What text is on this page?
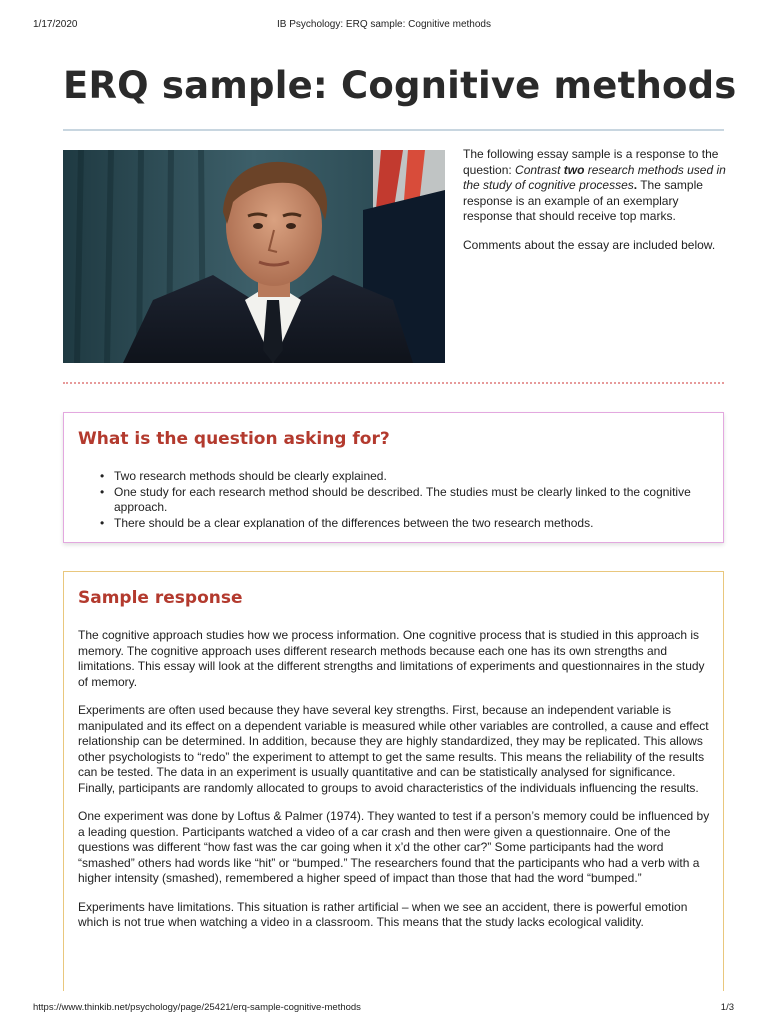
1/17/2020	IB Psychology: ERQ sample: Cognitive methods
ERQ sample: Cognitive methods

The following essay sample is a response to the question: Contrast two research methods used in the study of cognitive processes. The sample response is an example of an exemplary response that should receive top marks.

Comments about the essay are included below.

What is the question asking for?
• Two research methods should be clearly explained.
• One study for each research method should be described. The studies must be clearly linked to the cognitive approach.
• There should be a clear explanation of the differences between the two research methods.
Sample response

The cognitive approach studies how we process information. One cognitive process that is studied in this approach is memory. The cognitive approach uses different research methods because each one has its own strengths and limitations. This essay will look at the different strengths and limitations of experiments and questionnaires in the study of memory.

Experiments are often used because they have several key strengths. First, because an independent variable is manipulated and its effect on a dependent variable is measured while other variables are controlled, a cause and effect relationship can be determined. In addition, because they are highly standardized, they may be replicated. This allows other psychologists to “redo” the experiment to attempt to get the same results. This means the reliability of the results can be tested. The data in an experiment is usually quantitative and can be statistically analysed for significance. Finally, participants are randomly allocated to groups to avoid characteristics of the individuals influencing the results.

One experiment was done by Loftus & Palmer (1974). They wanted to test if a person’s memory could be influenced by a leading question. Participants watched a video of a car crash and then were given a questionnaire. One of the questions was different “how fast was the car going when it x’d the other car?” Some participants had the word “smashed” others had words like “hit” or “bumped.” The researchers found that the participants who had a verb with a higher intensity (smashed), remembered a higher speed of impact than those that had the word “bumped.”

Experiments have limitations. This situation is rather artificial – when we see an accident, there is powerful emotion which is not true when watching a video in a classroom. This means that the study lacks ecological validity.

https://www.thinkib.net/psychology/page/25421/erq-sample-cognitive-methods	1/3
